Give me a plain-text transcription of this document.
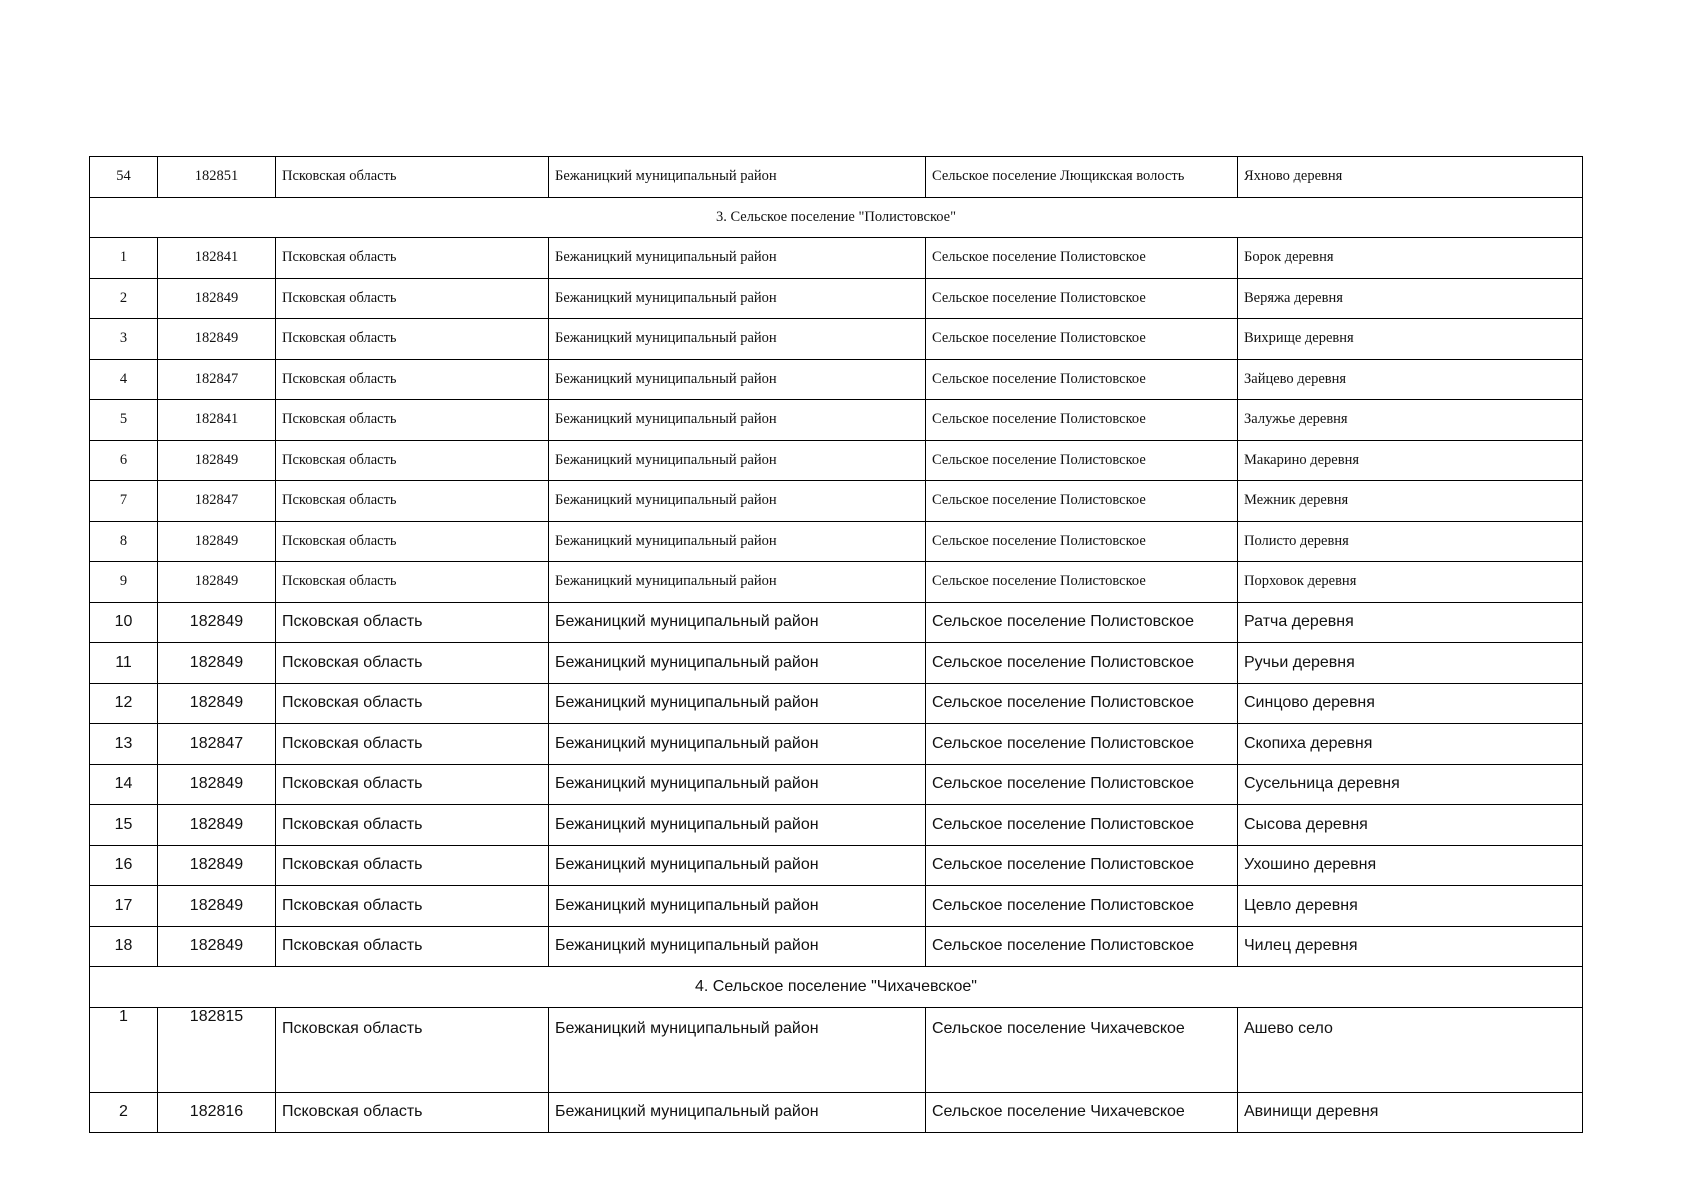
54	182851	Псковская область	Бежаницкий муниципальный район	Сельское поселение Лющикская волость	Яхново деревня
3. Сельское поселение "Полистовское"					
1	182841	Псковская область	Бежаницкий муниципальный район	Сельское поселение Полистовское	Борок деревня
2	182849	Псковская область	Бежаницкий муниципальный район	Сельское поселение Полистовское	Веряжа деревня
3	182849	Псковская область	Бежаницкий муниципальный район	Сельское поселение Полистовское	Вихрище деревня
4	182847	Псковская область	Бежаницкий муниципальный район	Сельское поселение Полистовское	Зайцево деревня
5	182841	Псковская область	Бежаницкий муниципальный район	Сельское поселение Полистовское	Залужье деревня
6	182849	Псковская область	Бежаницкий муниципальный район	Сельское поселение Полистовское	Макарино деревня
7	182847	Псковская область	Бежаницкий муниципальный район	Сельское поселение Полистовское	Межник деревня
8	182849	Псковская область	Бежаницкий муниципальный район	Сельское поселение Полистовское	Полисто деревня
9	182849	Псковская область	Бежаницкий муниципальный район	Сельское поселение Полистовское	Порховок деревня
10	182849	Псковская область	Бежаницкий муниципальный район	Сельское поселение Полистовское	Ратча деревня
11	182849	Псковская область	Бежаницкий муниципальный район	Сельское поселение Полистовское	Ручьи деревня
12	182849	Псковская область	Бежаницкий муниципальный район	Сельское поселение Полистовское	Синцово деревня
13	182847	Псковская область	Бежаницкий муниципальный район	Сельское поселение Полистовское	Скопиха деревня
14	182849	Псковская область	Бежаницкий муниципальный район	Сельское поселение Полистовское	Сусельница деревня
15	182849	Псковская область	Бежаницкий муниципальный район	Сельское поселение Полистовское	Сысова деревня
16	182849	Псковская область	Бежаницкий муниципальный район	Сельское поселение Полистовское	Ухошино деревня
17	182849	Псковская область	Бежаницкий муниципальный район	Сельское поселение Полистовское	Цевло деревня
18	182849	Псковская область	Бежаницкий муниципальный район	Сельское поселение Полистовское	Чилец деревня
4. Сельское поселение "Чихачевское"					
1	182815	Псковская область	Бежаницкий муниципальный район	Сельское поселение Чихачевское	Ашево село
2	182816	Псковская область	Бежаницкий муниципальный район	Сельское поселение Чихачевское	Авинищи деревня
